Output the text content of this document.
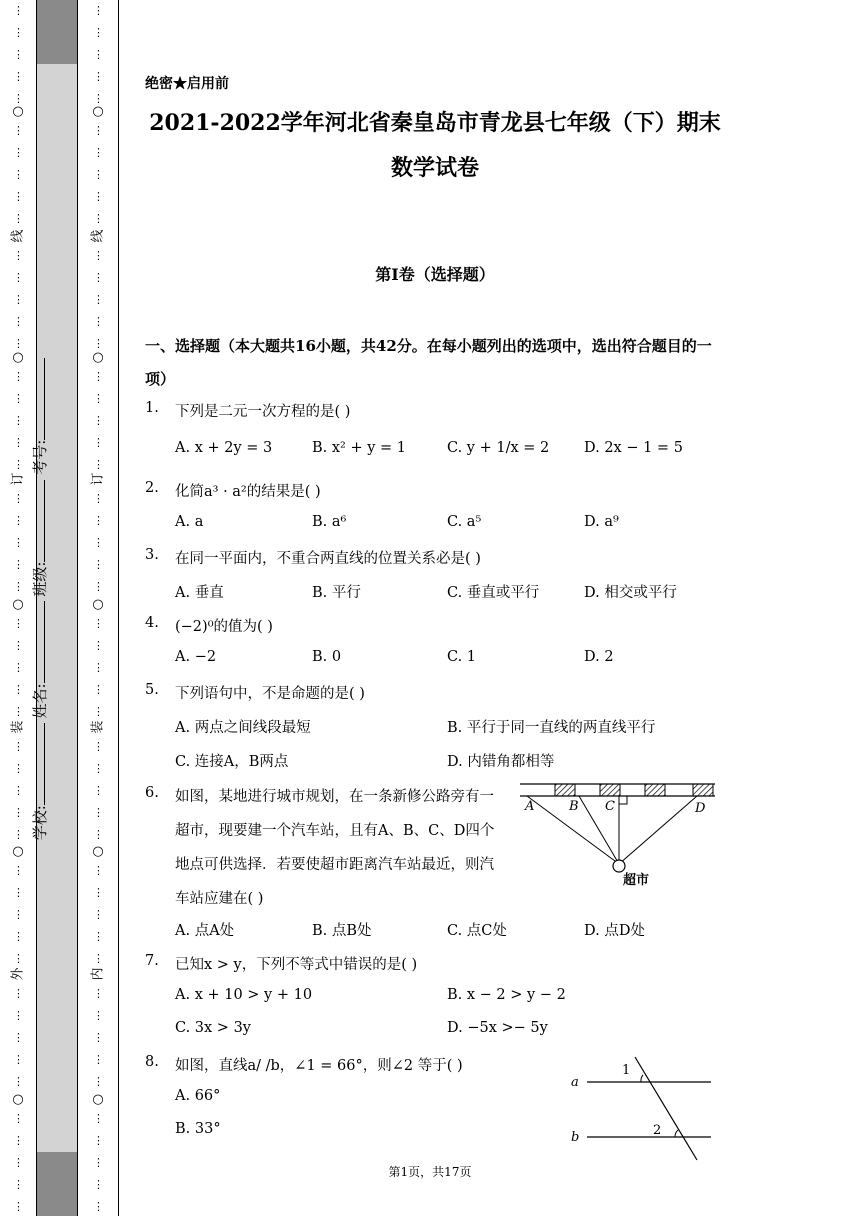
⋮
⋮
⋮
⋮
⋮
○
⋮
⋮
⋮
⋮
⋮
线
⋮
⋮
⋮
⋮
⋮
○
⋮
⋮
⋮
⋮
⋮
订
⋮
⋮
⋮
⋮
⋮
○
⋮
⋮
⋮
⋮
⋮
装
⋮
⋮
⋮
⋮
⋮
○
⋮
⋮
⋮
⋮
⋮
外
⋮
⋮
⋮
⋮
⋮
○
⋮
⋮
⋮
⋮
⋮
⋮
⋮
⋮
⋮
⋮
○
⋮
⋮
⋮
⋮
⋮
线
⋮
⋮
⋮
⋮
⋮
○
⋮
⋮
⋮
⋮
⋮
订
⋮
⋮
⋮
⋮
⋮
○
⋮
⋮
⋮
⋮
⋮
装
⋮
⋮
⋮
⋮
⋮
○
⋮
⋮
⋮
⋮
⋮
内
⋮
⋮
⋮
⋮
⋮
○
⋮
⋮
⋮
⋮
⋮
学校: 姓名: 班级: 考号:
绝密★启用前
2021-2022学年河北省秦皇岛市青龙县七年级（下）期末
数学试卷
第I卷（选择题）
一、选择题（本大题共16小题，共42分。在每小题列出的选项中，选出符合题目的一项）
1. 下列是二元一次方程的是( )
A. x + 2y = 3	B. x² + y = 1	C. y + 1/x = 2 D. 2x − 1 = 5
2. 化简a³ · a²的结果是( )
A. a	B. a⁶	C. a⁵	D. a⁹
3. 在同一平面内，不重合两直线的位置关系必是( )
A. 垂直	B. 平行	C. 垂直或平行	D. 相交或平行
4. (−2)⁰的值为( )
A. −2	B. 0	C. 1	D. 2
5. 下列语句中，不是命题的是( )
A. 两点之间线段最短	B. 平行于同一直线的两直线平行
C. 连接A，B两点	D. 内错角都相等
6. 如图，某地进行城市规划，在一条新修公路旁有一
超市，现要建一个汽车站，且有A、B、C、D四个
地点可供选择．若要使超市距离汽车站最近，则汽
车站应建在( )
A. 点A处	B. 点B处	C. 点C处	D. 点D处
A	B C	D
超市
7. 已知x > y，下列不等式中错误的是( )
A. x + 10 > y + 10	B. x − 2 > y − 2
C. 3x > 3y	D. −5x >− 5y
8. 如图，直线a/ /b，∠1 = 66°，则∠2 等于( )
A. 66°
B. 33°
a
b
1
2
第1页，共17页
